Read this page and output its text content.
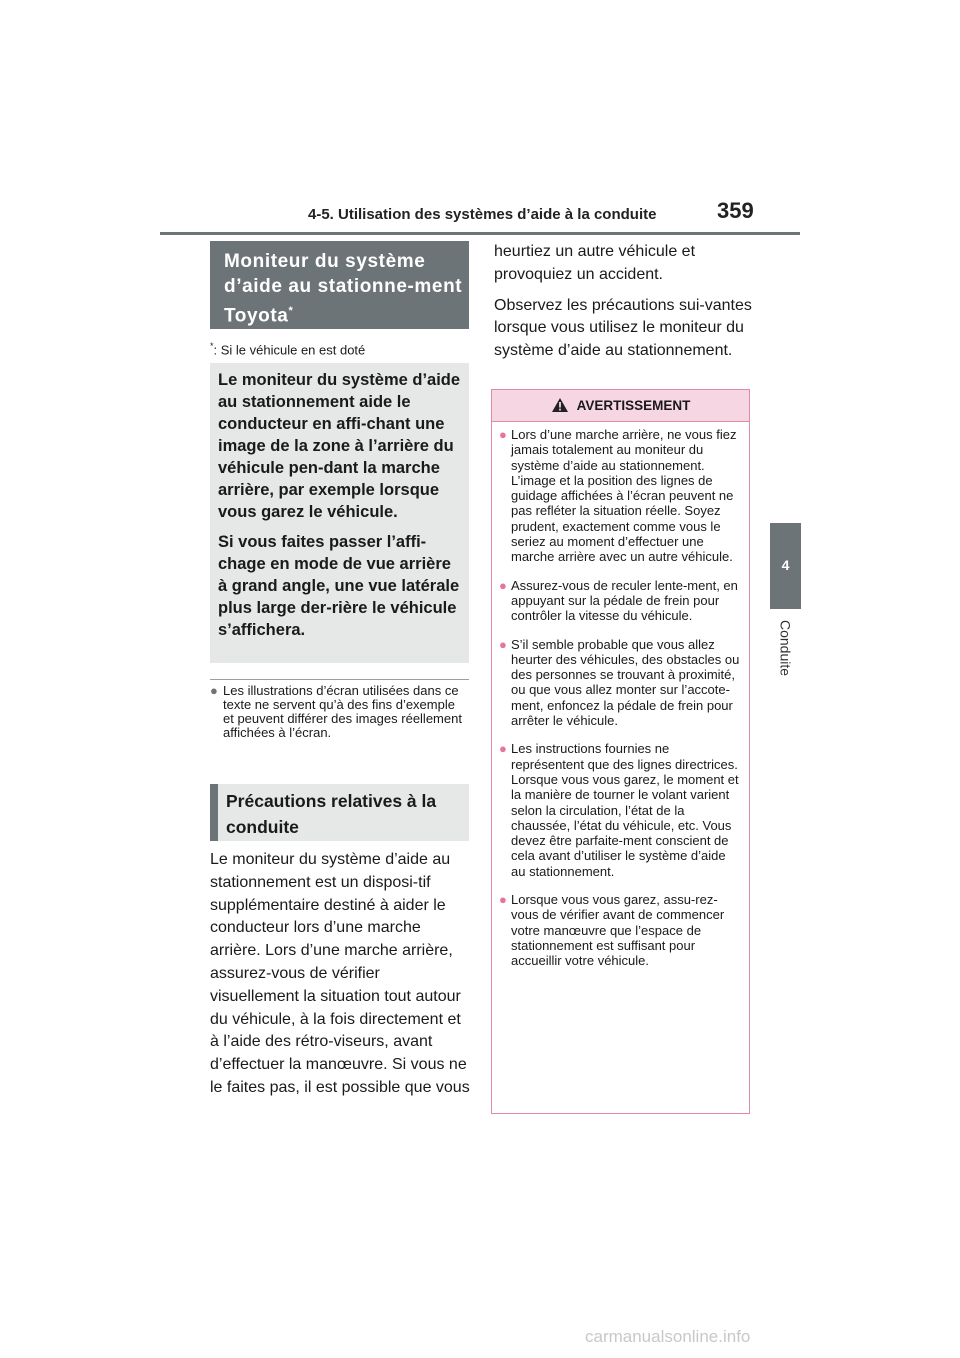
4-5. Utilisation des systèmes d’aide à la conduite	359
4
Conduite
Moniteur du système d’aide au stationne-ment Toyota*
*: Si le véhicule en est doté

Le moniteur du système d’aide au stationnement aide le conducteur en affi-chant une image de la zone à l’arrière du véhicule pen-dant la marche arrière, par exemple lorsque vous garez le véhicule.

Si vous faites passer l’affi-chage en mode de vue arrière à grand angle, une vue latérale plus large der-rière le véhicule s’affichera.

● Les illustrations d’écran utilisées dans ce texte ne servent qu’à des fins d’exemple et peuvent différer des images réellement affichées à l’écran.
Précautions relatives à la conduite

Le moniteur du système d’aide au stationnement est un disposi-tif supplémentaire destiné à aider le conducteur lors d’une marche arrière. Lors d’une marche arrière, assurez-vous de vérifier visuellement la situation tout autour du véhicule, à la fois directement et à l’aide des rétro-viseurs, avant d’effectuer la manœuvre. Si vous ne le faites pas, il est possible que vous

heurtiez un autre véhicule et provoquiez un accident.

Observez les précautions sui-vantes lorsque vous utilisez le moniteur du système d’aide au stationnement.

AVERTISSEMENT
● Lors d’une marche arrière, ne vous fiez jamais totalement au moniteur du système d’aide au stationnement. L’image et la position des lignes de guidage affichées à l’écran peuvent ne pas refléter la situation réelle. Soyez prudent, exactement comme vous le seriez au moment d’effectuer une marche arrière avec un autre véhicule.
● Assurez-vous de reculer lente-ment, en appuyant sur la pédale de frein pour contrôler la vitesse du véhicule.
● S’il semble probable que vous allez heurter des véhicules, des obstacles ou des personnes se trouvant à proximité, ou que vous allez monter sur l’accote-ment, enfoncez la pédale de frein pour arrêter le véhicule.
● Les instructions fournies ne représentent que des lignes directrices. Lorsque vous vous garez, le moment et la manière de tourner le volant varient selon la circulation, l’état de la chaussée, l’état du véhicule, etc. Vous devez être parfaite-ment conscient de cela avant d’utiliser le système d’aide au stationnement.
● Lorsque vous vous garez, assu-rez-vous de vérifier avant de commencer votre manœuvre que l’espace de stationnement est suffisant pour accueillir votre véhicule.
carmanualsonline.info
